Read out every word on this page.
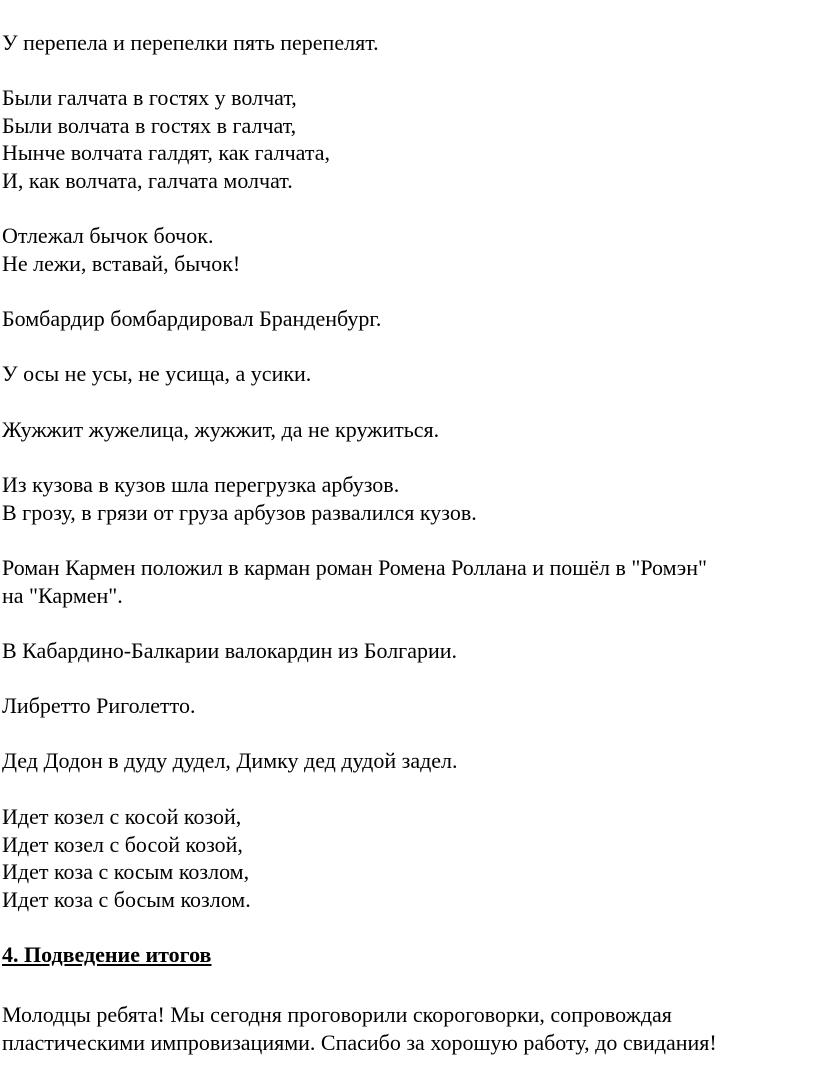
У перепела и перепелки пять перепелят.

Были галчата в гостях у волчат,
Были волчата в гостях в галчат,
Нынче волчата галдят, как галчата,
И, как волчата, галчата молчат.

Отлежал бычок бочок.
Не лежи, вставай, бычок!

Бомбардир бомбардировал Бранденбург.

У осы не усы, не усища, а усики.

Жужжит жужелица, жужжит, да не кружиться.

Из кузова в кузов шла перегрузка арбузов.
В грозу, в грязи от груза арбузов развалился кузов.

Роман Кармен положил в карман роман Ромена Роллана и пошёл в "Ромэн"
на "Кармен".

В Кабардино-Балкарии валокардин из Болгарии.

Либретто Риголетто.

Дед Додон в дуду дудел, Димку дед дудой задел.

Идет козел с косой козой,
Идет козел с босой козой,
Идет коза с косым козлом,
Идет коза с босым козлом.

4. Подведение итогов

Молодцы ребята! Мы сегодня проговорили скороговорки, сопровождая
пластическими импровизациями. Спасибо за хорошую работу, до свидания!
